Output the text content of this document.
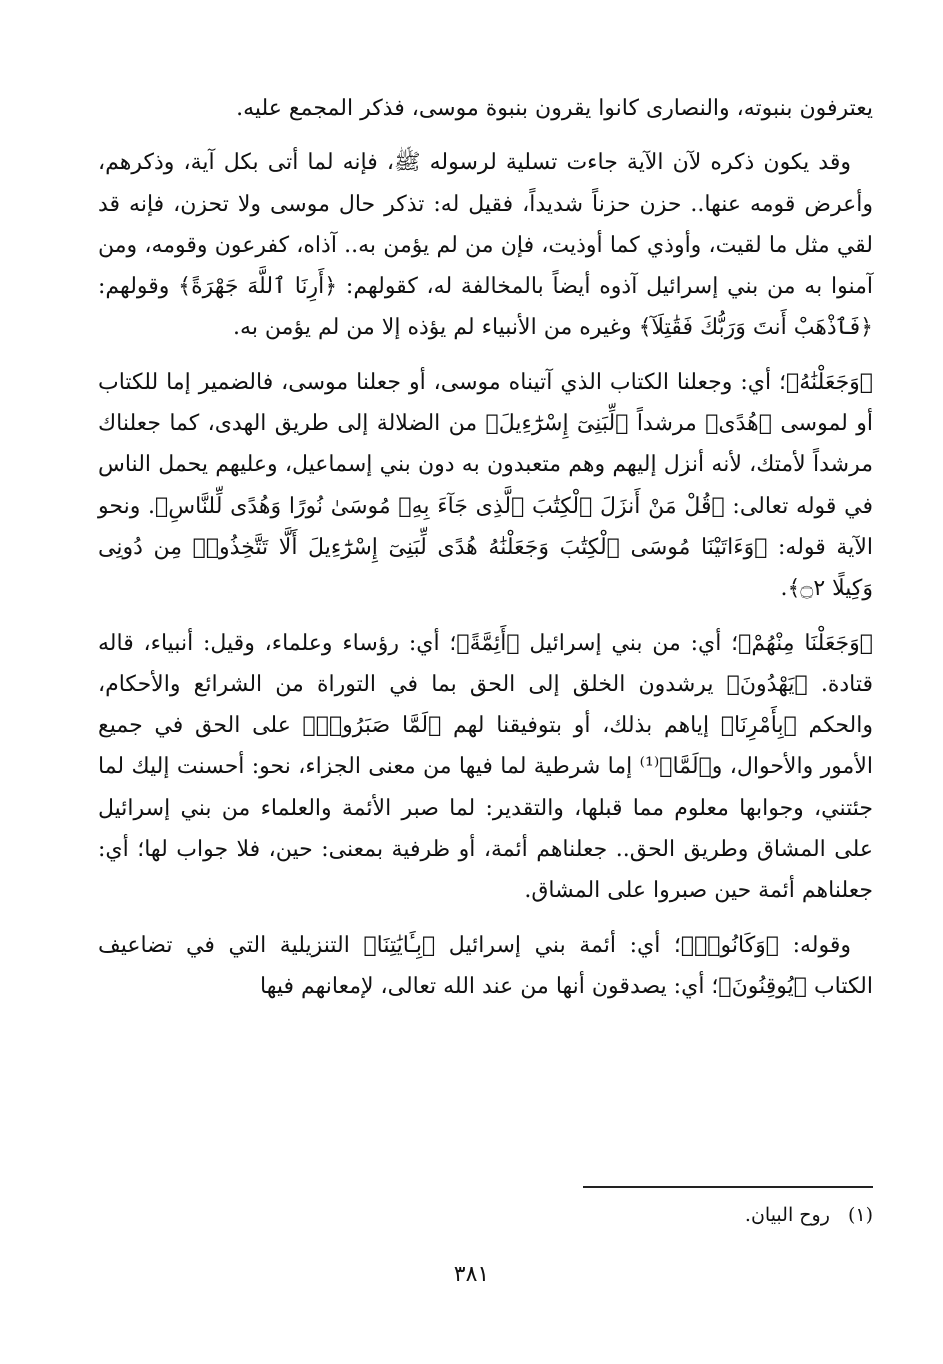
يعترفون بنبوته، والنصارى كانوا يقرون بنبوة موسى، فذكر المجمع عليه.

وقد يكون ذكره لآن الآية جاءت تسلية لرسوله ﷺ، فإنه لما أتى بكل آية، وذكرهم، وأعرض قومه عنها.. حزن حزناً شديداً، فقيل له: تذكر حال موسى ولا تحزن، فإنه قد لقي مثل ما لقيت، وأوذي كما أوذيت، فإن من لم يؤمن به.. آذاه، كفرعون وقومه، ومن آمنوا به من بني إسرائيل آذوه أيضاً بالمخالفة له، كقولهم: ﴿أَرِنَا ٱللَّهَ جَهْرَةً﴾ وقولهم: ﴿فَٱذْهَبْ أَنتَ وَرَبُّكَ فَقَٰتِلَآ﴾ وغيره من الأنبياء لم يؤذه إلا من لم يؤمن به.

﴿وَجَعَلْنَٰهُ﴾؛ أي: وجعلنا الكتاب الذي آتيناه موسى، أو جعلنا موسى، فالضمير إما للكتاب أو لموسى ﴿هُدًى﴾ مرشداً ﴿لِّبَنِىٓ إِسْرَٰٓءِيلَ﴾ من الضلالة إلى طريق الهدى، كما جعلناك مرشداً لأمتك، لأنه أنزل إليهم وهم متعبدون به دون بني إسماعيل، وعليهم يحمل الناس في قوله تعالى: ﴿قُلْ مَنْ أَنزَلَ ٱلْكِتَٰبَ ٱلَّذِى جَآءَ بِهِۦ مُوسَىٰ نُورًا وَهُدًى لِّلنَّاسِ﴾. ونحو الآية قوله: ﴿وَءَاتَيْنَا مُوسَى ٱلْكِتَٰبَ وَجَعَلْنَٰهُ هُدًى لِّبَنِىٓ إِسْرَٰٓءِيلَ أَلَّا تَتَّخِذُوا۟ مِن دُونِى وَكِيلًا ۝٢﴾.

﴿وَجَعَلْنَا مِنْهُمْ﴾؛ أي: من بني إسرائيل ﴿أَئِمَّةً﴾؛ أي: رؤساء وعلماء، وقيل: أنبياء، قاله قتادة. ﴿يَهْدُونَ﴾ يرشدون الخلق إلى الحق بما في التوراة من الشرائع والأحكام، والحكم ﴿بِأَمْرِنَا﴾ إياهم بذلك، أو بتوفيقنا لهم ﴿لَمَّا صَبَرُوا۟﴾ على الحق في جميع الأمور والأحوال، و﴿لَمَّا﴾⁽¹⁾ إما شرطية لما فيها من معنى الجزاء، نحو: أحسنت إليك لما جئتني، وجوابها معلوم مما قبلها، والتقدير: لما صبر الأئمة والعلماء من بني إسرائيل على المشاق وطريق الحق.. جعلناهم أئمة، أو ظرفية بمعنى: حين، فلا جواب لها؛ أي: جعلناهم أئمة حين صبروا على المشاق.

وقوله: ﴿وَكَانُوا۟﴾؛ أي: أئمة بني إسرائيل ﴿بِـَٔايَٰتِنَا﴾ التنزيلية التي في تضاعيف الكتاب ﴿يُوقِنُونَ﴾؛ أي: يصدقون أنها من عند الله تعالى، لإمعانهم فيها

(١) روح البيان.
٣٨١
